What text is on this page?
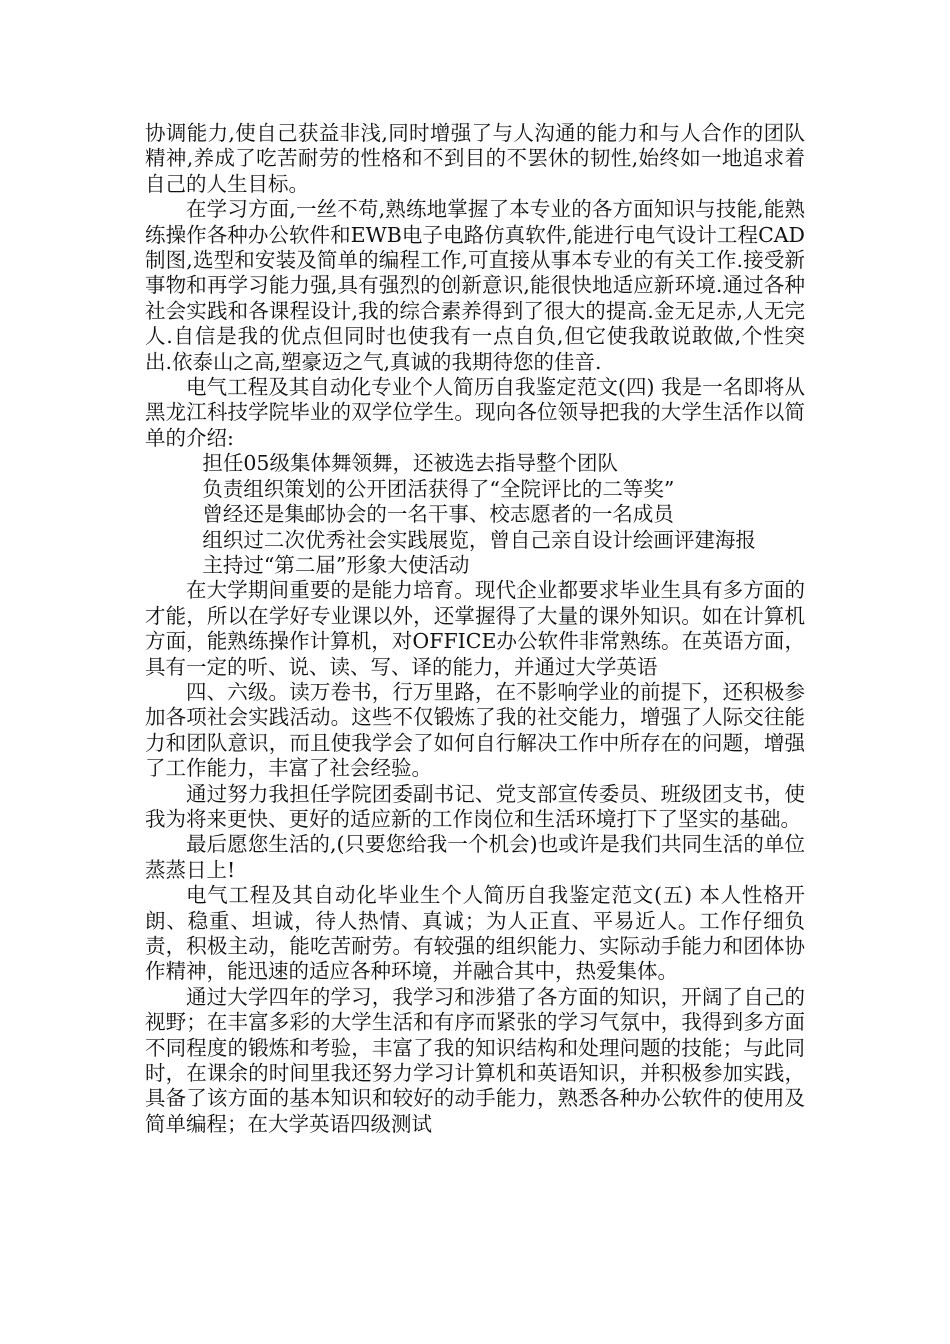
协调能力,使自己获益非浅,同时增强了与人沟通的能力和与人合作的团队精神,养成了吃苦耐劳的性格和不到目的不罢休的韧性,始终如一地追求着自己的人生目标。

在学习方面,一丝不苟,熟练地掌握了本专业的各方面知识与技能,能熟练操作各种办公软件和EWB电子电路仿真软件,能进行电气设计工程CAD制图,选型和安装及简单的编程工作,可直接从事本专业的有关工作.接受新事物和再学习能力强,具有强烈的创新意识,能很快地适应新环境.通过各种社会实践和各课程设计,我的综合素养得到了很大的提高.金无足赤,人无完人.自信是我的优点但同时也使我有一点自负,但它使我敢说敢做,个性突出.依泰山之高,塑豪迈之气,真诚的我期待您的佳音.

电气工程及其自动化专业个人简历自我鉴定范文(四) 我是一名即将从黑龙江科技学院毕业的双学位学生。现向各位领导把我的大学生活作以简单的介绍:

担任05级集体舞领舞，还被选去指导整个团队

负责组织策划的公开团活获得了“全院评比的二等奖”

曾经还是集邮协会的一名干事、校志愿者的一名成员

组织过二次优秀社会实践展览，曾自己亲自设计绘画评建海报

主持过“第二届”形象大使活动

在大学期间重要的是能力培育。现代企业都要求毕业生具有多方面的才能，所以在学好专业课以外，还掌握得了大量的课外知识。如在计算机方面，能熟练操作计算机，对OFFICE办公软件非常熟练。在英语方面，具有一定的听、说、读、写、译的能力，并通过大学英语

四、六级。读万卷书，行万里路，在不影响学业的前提下，还积极参加各项社会实践活动。这些不仅锻炼了我的社交能力，增强了人际交往能力和团队意识，而且使我学会了如何自行解决工作中所存在的问题，增强了工作能力，丰富了社会经验。

通过努力我担任学院团委副书记、党支部宣传委员、班级团支书，使我为将来更快、更好的适应新的工作岗位和生活环境打下了坚实的基础。

最后愿您生活的,(只要您给我一个机会)也或许是我们共同生活的单位蒸蒸日上!

电气工程及其自动化毕业生个人简历自我鉴定范文(五) 本人性格开朗、稳重、坦诚，待人热情、真诚；为人正直、平易近人。工作仔细负责，积极主动，能吃苦耐劳。有较强的组织能力、实际动手能力和团体协作精神，能迅速的适应各种环境，并融合其中，热爱集体。

通过大学四年的学习，我学习和涉猎了各方面的知识，开阔了自己的视野；在丰富多彩的大学生活和有序而紧张的学习气氛中，我得到多方面不同程度的锻炼和考验，丰富了我的知识结构和处理问题的技能；与此同时，在课余的时间里我还努力学习计算机和英语知识，并积极参加实践，具备了该方面的基本知识和较好的动手能力，熟悉各种办公软件的使用及简单编程；在大学英语四级测试
